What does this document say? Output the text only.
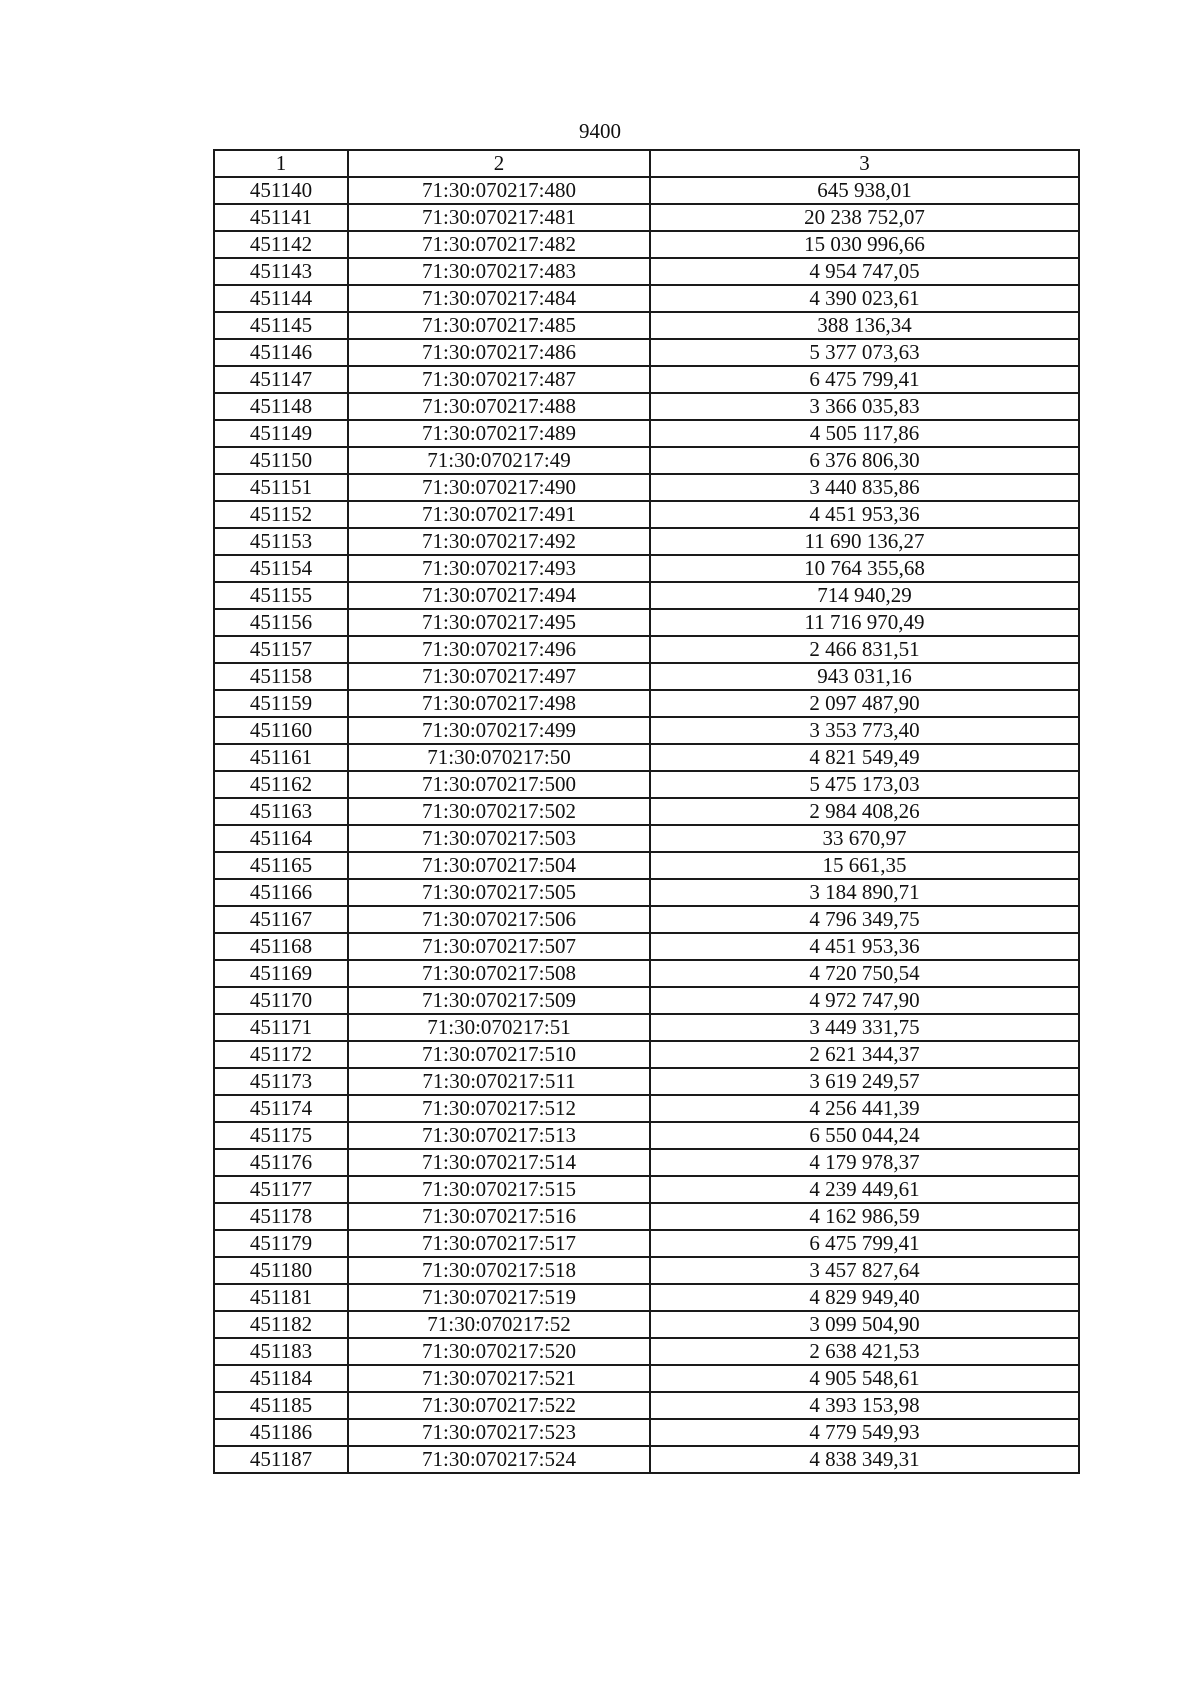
9400
1	2	3
451140	71:30:070217:480	645 938,01
451141	71:30:070217:481	20 238 752,07
451142	71:30:070217:482	15 030 996,66
451143	71:30:070217:483	4 954 747,05
451144	71:30:070217:484	4 390 023,61
451145	71:30:070217:485	388 136,34
451146	71:30:070217:486	5 377 073,63
451147	71:30:070217:487	6 475 799,41
451148	71:30:070217:488	3 366 035,83
451149	71:30:070217:489	4 505 117,86
451150	71:30:070217:49	6 376 806,30
451151	71:30:070217:490	3 440 835,86
451152	71:30:070217:491	4 451 953,36
451153	71:30:070217:492	11 690 136,27
451154	71:30:070217:493	10 764 355,68
451155	71:30:070217:494	714 940,29
451156	71:30:070217:495	11 716 970,49
451157	71:30:070217:496	2 466 831,51
451158	71:30:070217:497	943 031,16
451159	71:30:070217:498	2 097 487,90
451160	71:30:070217:499	3 353 773,40
451161	71:30:070217:50	4 821 549,49
451162	71:30:070217:500	5 475 173,03
451163	71:30:070217:502	2 984 408,26
451164	71:30:070217:503	33 670,97
451165	71:30:070217:504	15 661,35
451166	71:30:070217:505	3 184 890,71
451167	71:30:070217:506	4 796 349,75
451168	71:30:070217:507	4 451 953,36
451169	71:30:070217:508	4 720 750,54
451170	71:30:070217:509	4 972 747,90
451171	71:30:070217:51	3 449 331,75
451172	71:30:070217:510	2 621 344,37
451173	71:30:070217:511	3 619 249,57
451174	71:30:070217:512	4 256 441,39
451175	71:30:070217:513	6 550 044,24
451176	71:30:070217:514	4 179 978,37
451177	71:30:070217:515	4 239 449,61
451178	71:30:070217:516	4 162 986,59
451179	71:30:070217:517	6 475 799,41
451180	71:30:070217:518	3 457 827,64
451181	71:30:070217:519	4 829 949,40
451182	71:30:070217:52	3 099 504,90
451183	71:30:070217:520	2 638 421,53
451184	71:30:070217:521	4 905 548,61
451185	71:30:070217:522	4 393 153,98
451186	71:30:070217:523	4 779 549,93
451187	71:30:070217:524	4 838 349,31
